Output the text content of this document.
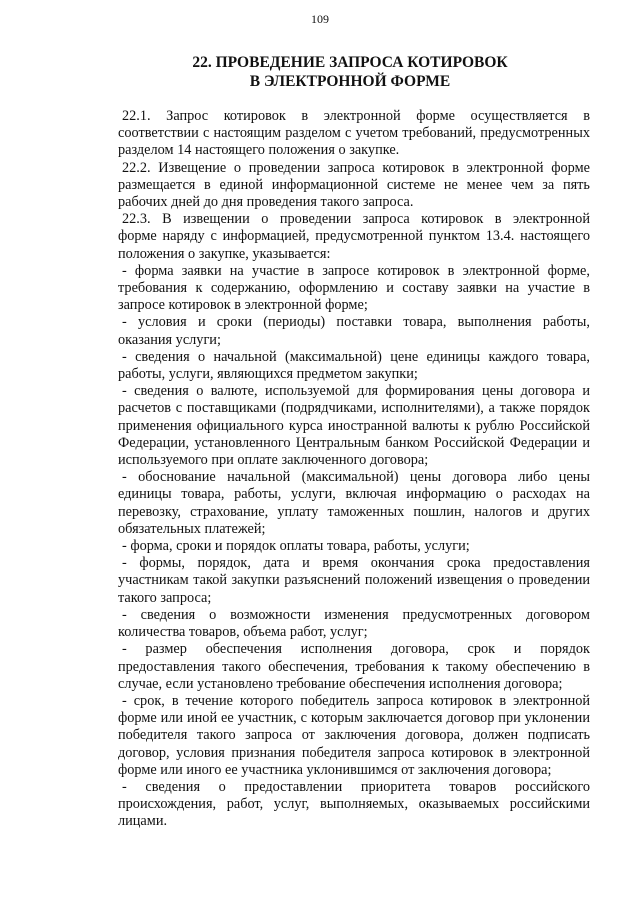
109
22. ПРОВЕДЕНИЕ ЗАПРОСА КОТИРОВОК
В ЭЛЕКТРОННОЙ ФОРМЕ
22.1. Запрос котировок в электронной форме осуществляется в
соответствии с настоящим разделом с учетом требований, предусмотренных
разделом 14 настоящего положения о закупке.
22.2. Извещение о проведении запроса котировок в электронной форме
размещается в единой информационной системе не менее чем за пять
рабочих дней до дня проведения такого запроса.
22.3. В извещении о проведении запроса котировок в электронной
форме наряду с информацией, предусмотренной пунктом 13.4. настоящего
положения о закупке, указывается:
- форма заявки на участие в запросе котировок в электронной форме,
требования к содержанию, оформлению и составу заявки на участие в
запросе котировок в электронной форме;
- условия и сроки (периоды) поставки товара, выполнения работы,
оказания услуги;
- сведения о начальной (максимальной) цене единицы каждого товара,
работы, услуги, являющихся предметом закупки;
- сведения о валюте, используемой для формирования цены договора и
расчетов с поставщиками (подрядчиками, исполнителями), а также порядок
применения официального курса иностранной валюты к рублю Российской
Федерации, установленного Центральным банком Российской Федерации и
используемого при оплате заключенного договора;
- обоснование начальной (максимальной) цены договора либо цены
единицы товара, работы, услуги, включая информацию о расходах на
перевозку, страхование, уплату таможенных пошлин, налогов и других
обязательных платежей;
- форма, сроки и порядок оплаты товара, работы, услуги;
- формы, порядок, дата и время окончания срока предоставления
участникам такой закупки разъяснений положений извещения о проведении
такого запроса;
- сведения о возможности изменения предусмотренных договором
количества товаров, объема работ, услуг;
- размер обеспечения исполнения договора, срок и порядок
предоставления такого обеспечения, требования к такому обеспечению в
случае, если установлено требование обеспечения исполнения договора;
- срок, в течение которого победитель запроса котировок в электронной
форме или иной ее участник, с которым заключается договор при уклонении
победителя такого запроса от заключения договора, должен подписать
договор, условия признания победителя запроса котировок в электронной
форме или иного ее участника уклонившимся от заключения договора;
- сведения о предоставлении приоритета товаров российского
происхождения, работ, услуг, выполняемых, оказываемых российскими
лицами.
